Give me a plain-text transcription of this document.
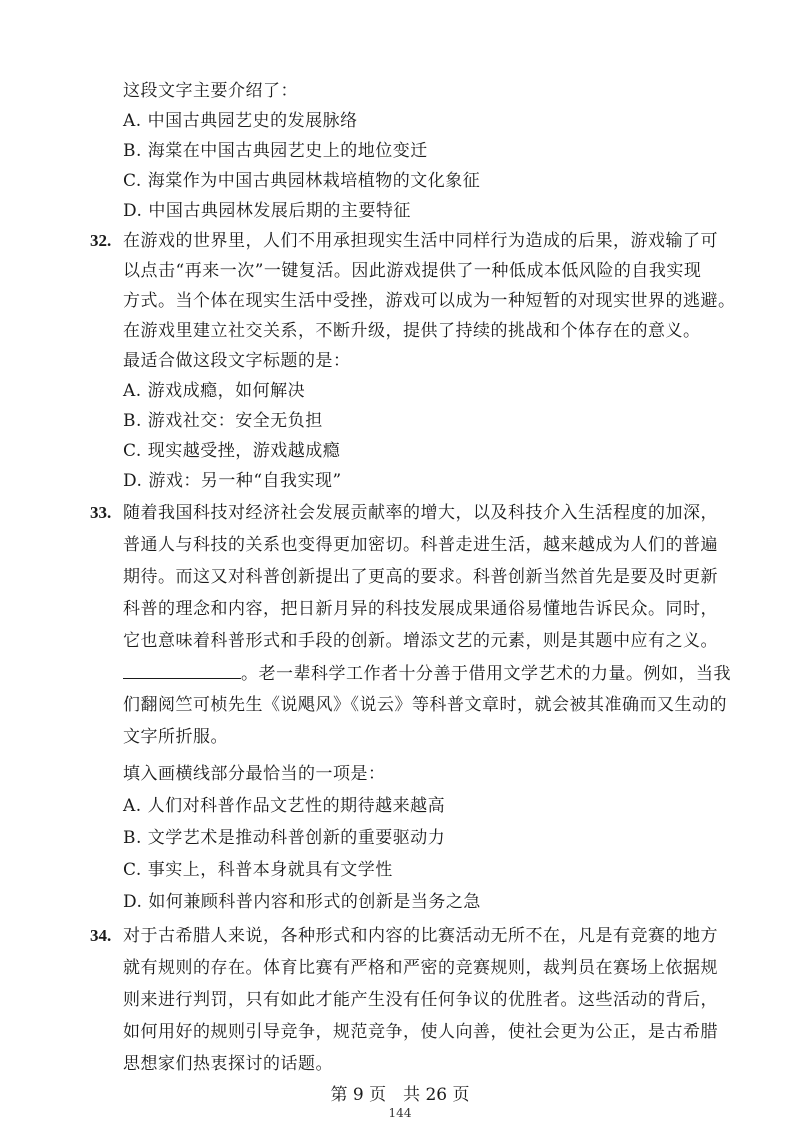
这段文字主要介绍了：
A. 中国古典园艺史的发展脉络
B. 海棠在中国古典园艺史上的地位变迁
C. 海棠作为中国古典园林栽培植物的文化象征
D. 中国古典园林发展后期的主要特征
32. 在游戏的世界里，人们不用承担现实生活中同样行为造成的后果，游戏输了可
以点击“再来一次”一键复活。因此游戏提供了一种低成本低风险的自我实现
方式。当个体在现实生活中受挫，游戏可以成为一种短暂的对现实世界的逃避。
在游戏里建立社交关系，不断升级，提供了持续的挑战和个体存在的意义。
最适合做这段文字标题的是：
A. 游戏成瘾，如何解决
B. 游戏社交：安全无负担
C. 现实越受挫，游戏越成瘾
D. 游戏：另一种“自我实现”
33. 随着我国科技对经济社会发展贡献率的增大，以及科技介入生活程度的加深，
普通人与科技的关系也变得更加密切。科普走进生活，越来越成为人们的普遍
期待。而这又对科普创新提出了更高的要求。科普创新当然首先是要及时更新
科普的理念和内容，把日新月异的科技发展成果通俗易懂地告诉民众。同时，
它也意味着科普形式和手段的创新。增添文艺的元素，则是其题中应有之义。
。老一辈科学工作者十分善于借用文学艺术的力量。例如，当我
们翻阅竺可桢先生《说飓风》《说云》等科普文章时，就会被其准确而又生动的
文字所折服。
填入画横线部分最恰当的一项是：
A. 人们对科普作品文艺性的期待越来越高
B. 文学艺术是推动科普创新的重要驱动力
C. 事实上，科普本身就具有文学性
D. 如何兼顾科普内容和形式的创新是当务之急
34. 对于古希腊人来说，各种形式和内容的比赛活动无所不在，凡是有竞赛的地方
就有规则的存在。体育比赛有严格和严密的竞赛规则，裁判员在赛场上依据规
则来进行判罚，只有如此才能产生没有任何争议的优胜者。这些活动的背后，
如何用好的规则引导竞争，规范竞争，使人向善，使社会更为公正，是古希腊
思想家们热衷探讨的话题。
第 9 页　共 26 页
144
